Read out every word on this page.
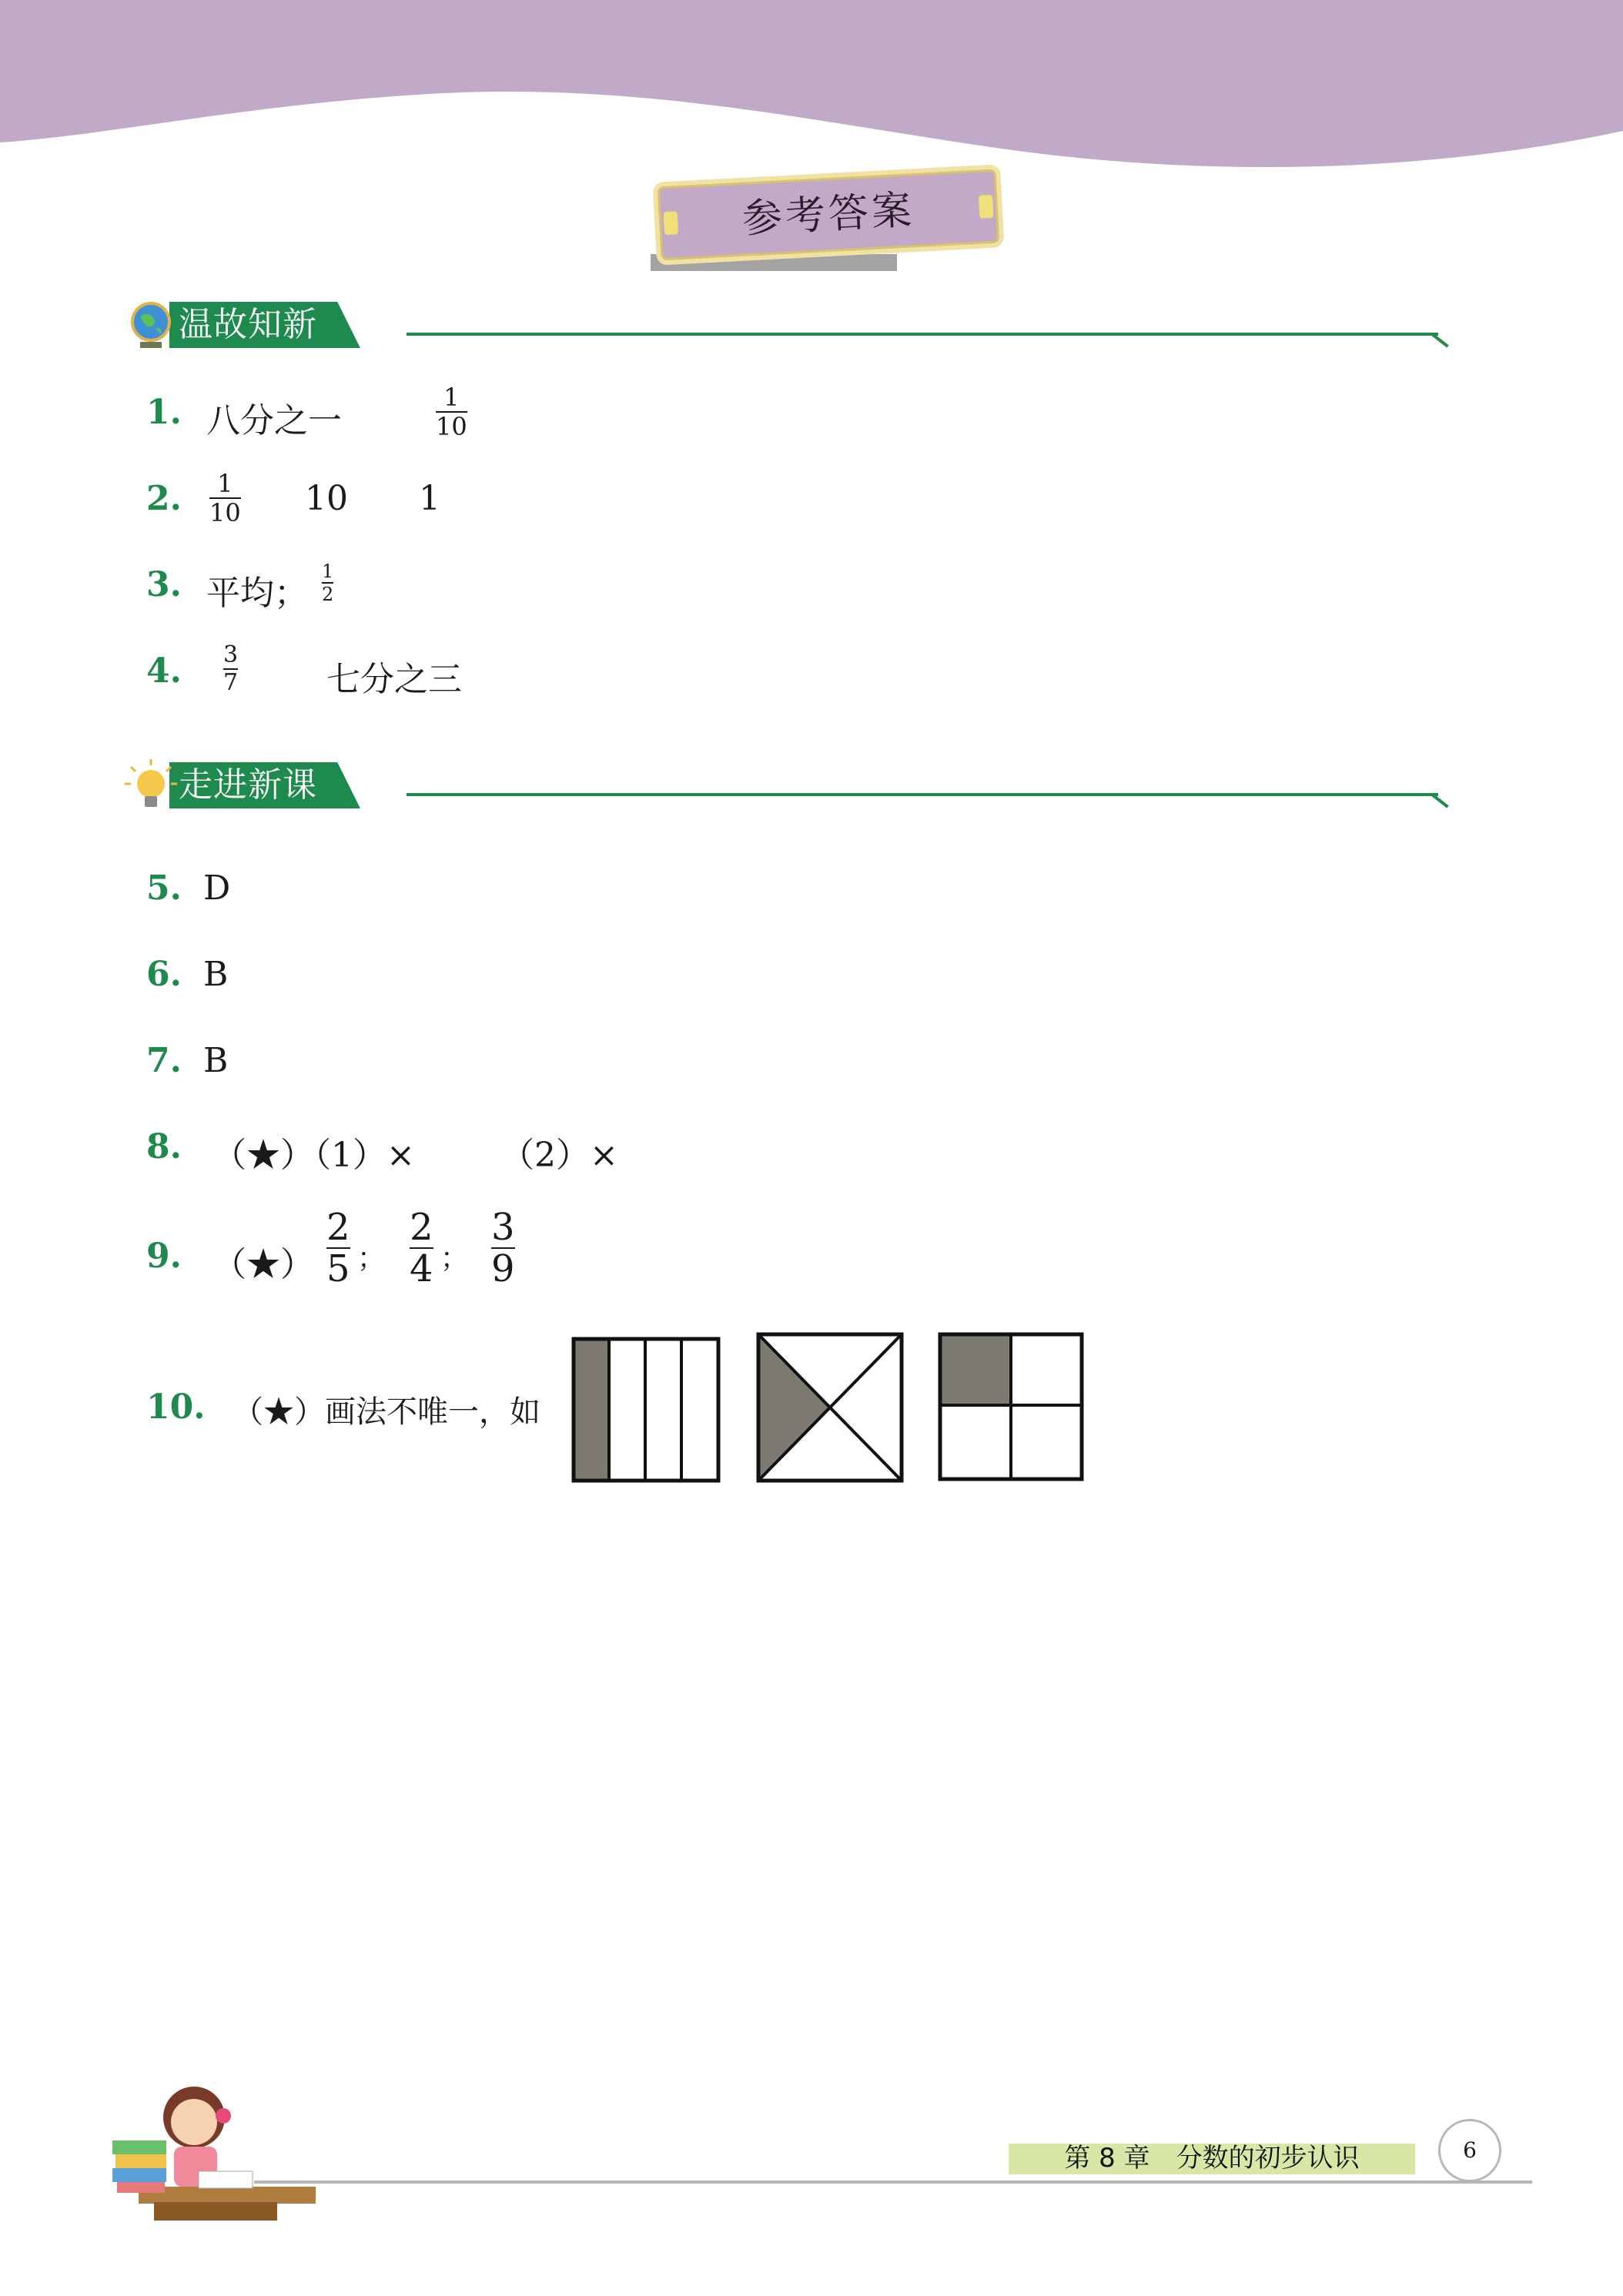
参考答案
温故知新
1. 八分之一
1
10
2.	1
10 10 1
3. 平均；
1
2
4. 3
7	七分之三
走进新课
5. D
6. B
7. B
8. （★）（1）×	（2）×
9. （★）
2
5 ；
2
4 ；
3
9
10. （★）画法不唯一，如
第 8 章　分数的初步认识	6
